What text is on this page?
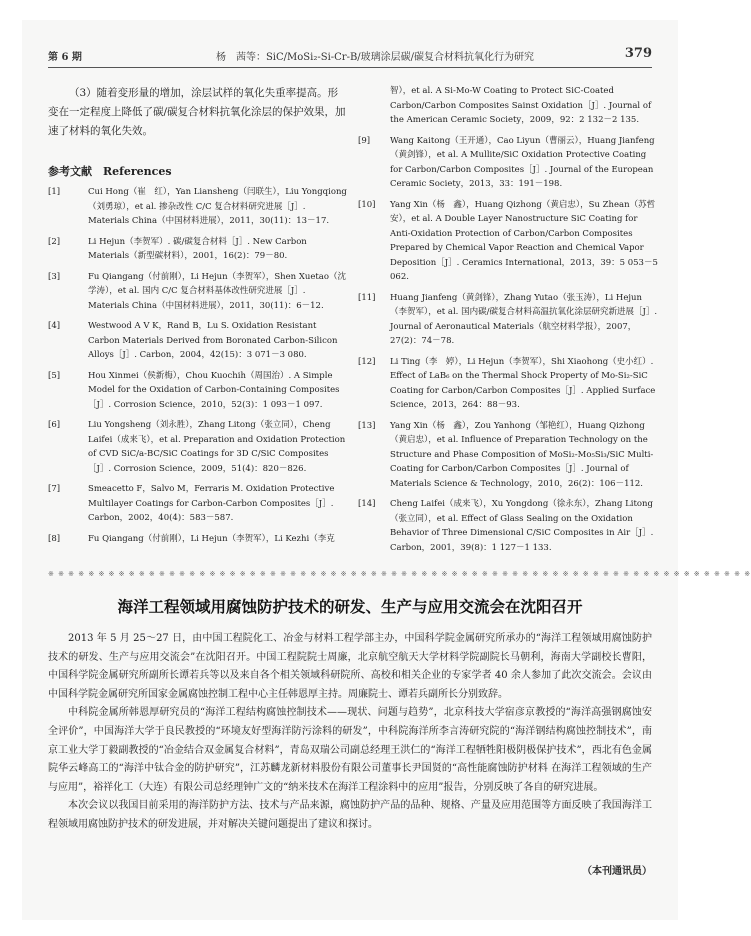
第 6 期	杨　茜等：SiC/MoSi₂-Si-Cr-B/玻璃涂层碳/碳复合材料抗氧化行为研究	379

（3）随着变形量的增加，涂层试样的氧化失重率提高。形变在一定程度上降低了碳/碳复合材料抗氧化涂层的保护效果，加速了材料的氧化失效。

参考文献　References
[1]	Cui Hong（崔　红），Yan Liansheng（闫联生），Liu Yongqiong（刘勇琼），et al. 掺杂改性 C/C 复合材料研究进展［J］. Materials China（中国材料进展），2011，30(11)：13－17.
[2]	Li Hejun（李贺军）. 碳/碳复合材料［J］. New Carbon Materials（新型碳材料），2001，16(2)：79－80.
[3]	Fu Qiangang（付前刚），Li Hejun（李贺军），Shen Xuetao（沈学涛），et al. 国内 C/C 复合材料基体改性研究进展［J］. Materials China（中国材料进展），2011，30(11)：6－12.
[4]	Westwood A V K，Rand B，Lu S. Oxidation Resistant Carbon Materials Derived from Boronated Carbon-Silicon Alloys［J］. Carbon，2004，42(15)：3 071－3 080.
[5]	Hou Xinmei（侯新梅），Chou Kuochih（周国治）. A Simple Model for the Oxidation of Carbon-Containing Composites［J］. Corrosion Science，2010，52(3)：1 093－1 097.
[6]	Liu Yongsheng（刘永胜），Zhang Litong（张立同），Cheng Laifei（成来飞），et al. Preparation and Oxidation Protection of CVD SiC/a-BC/SiC Coatings for 3D C/SiC Composites［J］. Corrosion Science，2009，51(4)：820－826.
[7]	Smeacetto F，Salvo M，Ferraris M. Oxidation Protective Multilayer Coatings for Carbon-Carbon Composites［J］. Carbon，2002，40(4)：583－587.
[8]	Fu Qiangang（付前刚），Li Hejun（李贺军），Li Kezhi（李克
智），et al. A Si-Mo-W Coating to Protect SiC-Coated Carbon/Carbon Composites Sainst Oxidation［J］. Journal of the American Ceramic Society，2009，92：2 132－2 135.
[9] Wang Kaitong（王开通），Cao Liyun（曹丽云），Huang Jianfeng（黄剑锋），et al. A Mullite/SiC Oxidation Protective Coating for Carbon/Carbon Composites［J］. Journal of the European Ceramic Society，2013，33：191－198.
[10] Yang Xin（杨　鑫），Huang Qizhong（黄启忠），Su Zhean（苏哲安），et al. A Double Layer Nanostructure SiC Coating for Anti-Oxidation Protection of Carbon/Carbon Composites Prepared by Chemical Vapor Reaction and Chemical Vapor Deposition［J］. Ceramics International，2013，39：5 053－5 062.
[11] Huang Jianfeng（黄剑锋），Zhang Yutao（张玉涛），Li Hejun（李贺军），et al. 国内碳/碳复合材料高温抗氧化涂层研究新进展［J］. Journal of Aeronautical Materials（航空材料学报），2007，27(2)：74－78.
[12] Li Ting（李　婷），Li Hejun（李贺军），Shi Xiaohong（史小红）. Effect of LaB₆ on the Thermal Shock Property of Mo-Si₂-SiC Coating for Carbon/Carbon Composites［J］. Applied Surface Science，2013，264：88－93.
[13] Yang Xin（杨　鑫），Zou Yanhong（邹艳红），Huang Qizhong（黄启忠），et al. Influence of Preparation Technology on the Structure and Phase Composition of MoSi₂-Mo₅Si₃/SiC Multi-Coating for Carbon/Carbon Composites［J］. Journal of Materials Science & Technology，2010，26(2)：106－112.
[14] Cheng Laifei（成来飞），Xu Yongdong（徐永东），Zhang Litong（张立同），et al. Effect of Glass Sealing on the Oxidation Behavior of Three Dimensional C/SiC Composites in Air［J］. Carbon，2001，39(8)：1 127－1 133.
※ ※ ※ ※ ※ ※ ※ ※ ※ ※ ※ ※ ※ ※ ※ ※ ※ ※ ※ ※ ※ ※ ※ ※ ※ ※ ※ ※ ※ ※ ※ ※ ※ ※ ※ ※ ※ ※ ※ ※ ※ ※ ※ ※ ※ ※ ※ ※ ※ ※ ※ ※ ※ ※ ※ ※ ※ ※ ※ ※ ※ ※ ※ ※ ※ ※ ※ ※ ※ ※
海洋工程领域用腐蚀防护技术的研发、生产与应用交流会在沈阳召开

2013 年 5 月 25～27 日，由中国工程院化工、冶金与材料工程学部主办，中国科学院金属研究所承办的“海洋工程领域用腐蚀防护技术的研发、生产与应用交流会”在沈阳召开。中国工程院院士周廉，北京航空航天大学材料学院副院长马朝利，海南大学副校长曹阳，中国科学院金属研究所副所长谭若兵等以及来自各个相关领域科研院所、高校和相关企业的专家学者 40 余人参加了此次交流会。会议由中国科学院金属研究所国家金属腐蚀控制工程中心主任韩恩厚主持。周廉院士、谭若兵副所长分别致辞。

中科院金属所韩恩厚研究员的“海洋工程结构腐蚀控制技术——现状、问题与趋势”，北京科技大学宿彦京教授的“海洋高强钢腐蚀安全评价”，中国海洋大学于良民教授的“环境友好型海洋防污涂料的研发”，中科院海洋所李言涛研究院的“海洋钢结构腐蚀控制技术”，南京工业大学丁毅副教授的“冶金结合双金属复合材料”，青岛双瑞公司副总经理王洪仁的“海洋工程牺牲阳极阴极保护技术”，西北有色金属院华云峰高工的“海洋中钛合金的防护研究”，江苏麟龙新材料股份有限公司董事长尹国贤的“高性能腐蚀防护材料 在海洋工程领域的生产与应用”，裕祥化工（大连）有限公司总经理钟广文的“纳米技术在海洋工程涂料中的应用”报告，分别反映了各自的研究进展。

本次会议以我国目前采用的海洋防护方法、技术与产品来源，腐蚀防护产品的品种、规格、产量及应用范围等方面反映了我国海洋工程领域用腐蚀防护技术的研发进展，并对解决关键问题提出了建议和探讨。

（本刊通讯员）
